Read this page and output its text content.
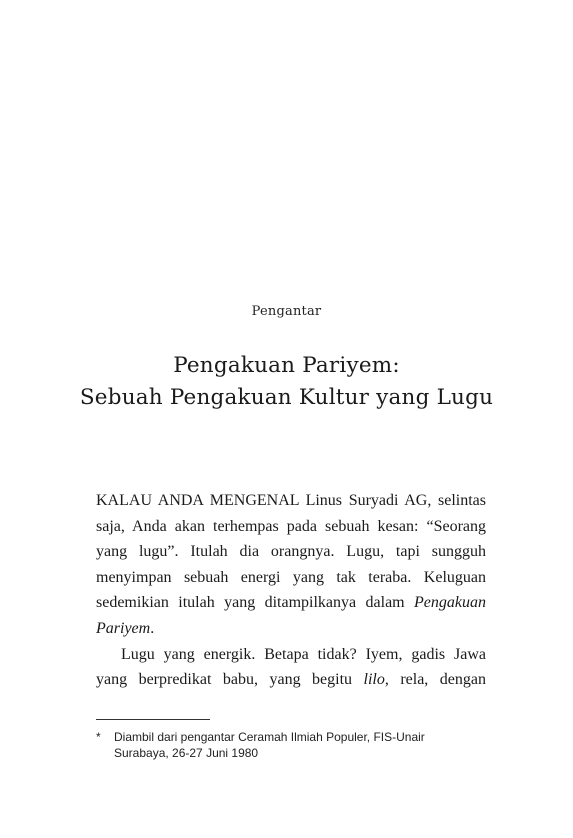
Pengantar
Pengakuan Pariyem:
Sebuah Pengakuan Kultur yang Lugu

KALAU ANDA MENGENAL Linus Suryadi AG, selintas
saja, Anda akan terhempas pada sebuah kesan: “Seorang
yang lugu”. Itulah dia orangnya. Lugu, tapi sungguh
menyimpan sebuah energi yang tak teraba. Keluguan
sedemikian itulah yang ditampilkanya dalam Pengakuan
Pariyem.

Lugu yang energik. Betapa tidak? Iyem, gadis Jawa
yang berpredikat babu, yang begitu lilo, rela, dengan

* Diambil dari pengantar Ceramah Ilmiah Populer, FIS-Unair
Surabaya, 26-27 Juni 1980
